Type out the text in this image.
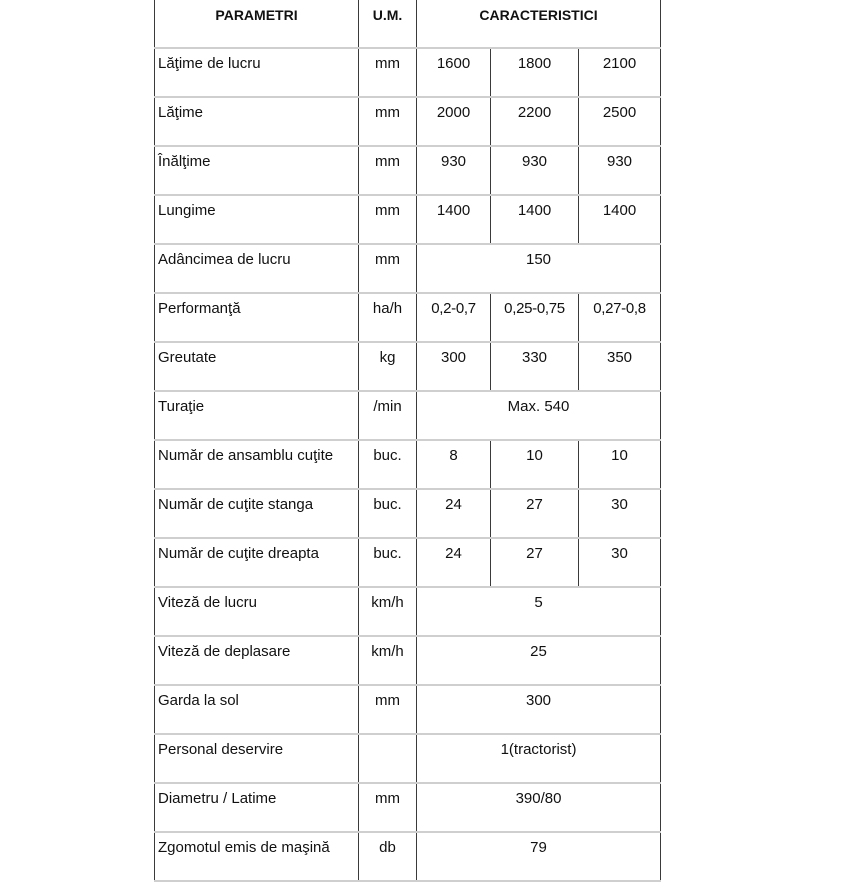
PARAMETRI	U.M.	CARACTERISTICI		
Lăţime de lucru	mm	1600	1800	2100
Lăţime	mm	2000	2200	2500
Înălţime	mm	930	930	930
Lungime	mm	1400	1400	1400
Adâncimea de lucru	mm	150		
Performanţă	ha/h	0,2-0,7	0,25-0,75	0,27-0,8
Greutate	kg	300	330	350
Turaţie	/min	Max. 540		
Număr de ansamblu cuţite	buc.	8	10	10
Număr de cuţite stanga	buc.	24	27	30
Număr de cuţite dreapta	buc.	24	27	30
Viteză de lucru	km/h	5		
Viteză de deplasare	km/h	25		
Garda la sol	mm	300		
Personal deservire		1(tractorist)		
Diametru / Latime	mm	390/80		
Zgomotul emis de maşină	db	79		
